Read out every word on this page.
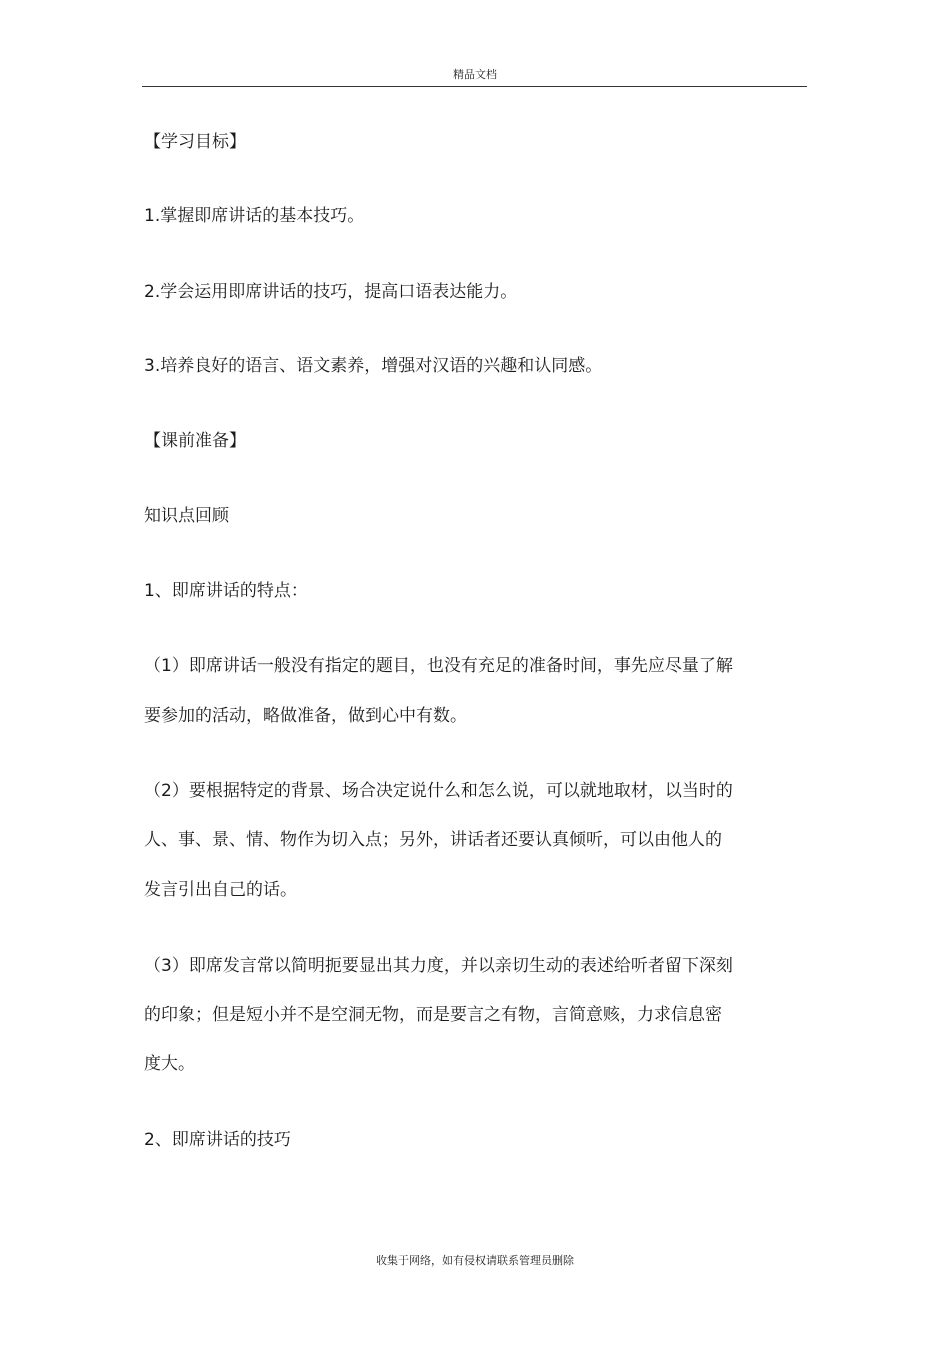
精品文档
【学习目标】
1.掌握即席讲话的基本技巧。
2.学会运用即席讲话的技巧，提高口语表达能力。
3.培养良好的语言、语文素养，增强对汉语的兴趣和认同感。
【课前准备】
知识点回顾
1、即席讲话的特点：
（1）即席讲话一般没有指定的题目，也没有充足的准备时间，事先应尽量了解
要参加的活动，略做准备，做到心中有数。
（2）要根据特定的背景、场合决定说什么和怎么说，可以就地取材，以当时的
人、事、景、情、物作为切入点；另外，讲话者还要认真倾听，可以由他人的
发言引出自己的话。
（3）即席发言常以简明扼要显出其力度，并以亲切生动的表述给听者留下深刻
的印象；但是短小并不是空洞无物，而是要言之有物，言简意赅，力求信息密
度大。
2、即席讲话的技巧
收集于网络，如有侵权请联系管理员删除
